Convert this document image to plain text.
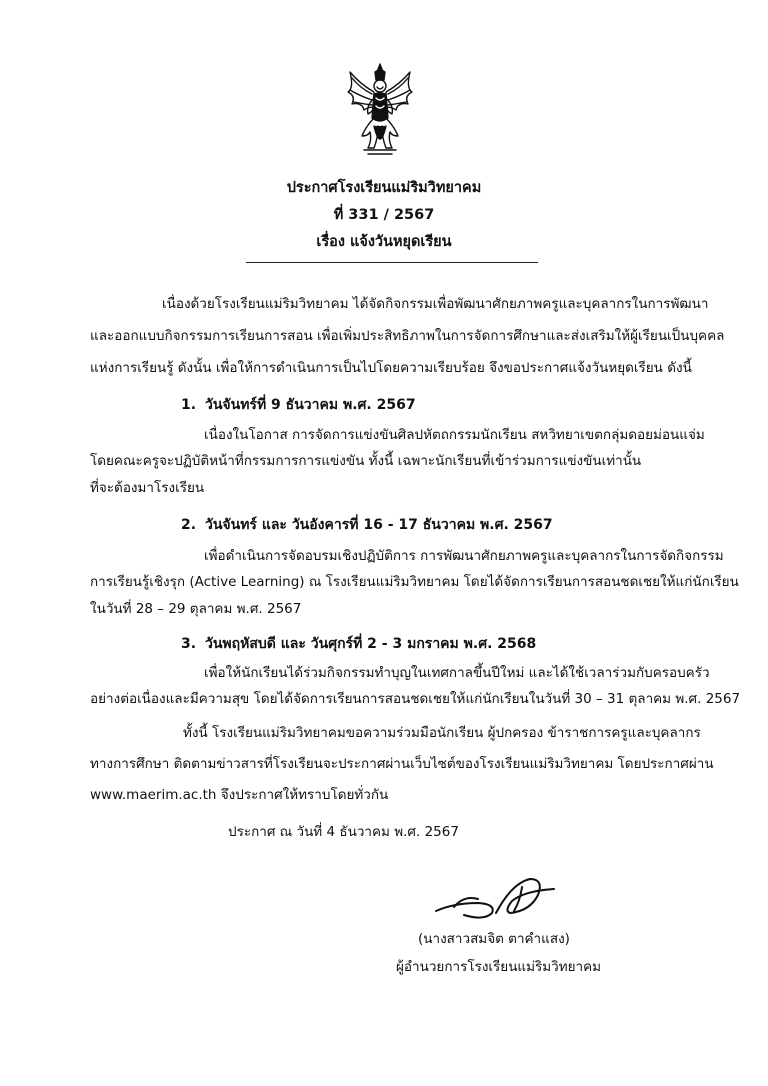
ประกาศโรงเรียนแม่ริมวิทยาคม
ที่ 331 / 2567
เรื่อง แจ้งวันหยุดเรียน
เนื่องด้วยโรงเรียนแม่ริมวิทยาคม ได้จัดกิจกรรมเพื่อพัฒนาศักยภาพครูและบุคลากรในการพัฒนา
และออกแบบกิจกรรมการเรียนการสอน เพื่อเพิ่มประสิทธิภาพในการจัดการศึกษาและส่งเสริมให้ผู้เรียนเป็นบุคคล
แห่งการเรียนรู้ ดังนั้น เพื่อให้การดำเนินการเป็นไปโดยความเรียบร้อย จึงขอประกาศแจ้งวันหยุดเรียน ดังนี้
1. วันจันทร์ที่ 9 ธันวาคม พ.ศ. 2567
เนื่องในโอกาส การจัดการแข่งขันศิลปหัตถกรรมนักเรียน สหวิทยาเขตกลุ่มดอยม่อนแจ่ม
โดยคณะครูจะปฏิบัติหน้าที่กรรมการการแข่งขัน ทั้งนี้ เฉพาะนักเรียนที่เข้าร่วมการแข่งขันเท่านั้น
ที่จะต้องมาโรงเรียน
2. วันจันทร์ และ วันอังคารที่ 16 - 17 ธันวาคม พ.ศ. 2567
เพื่อดำเนินการจัดอบรมเชิงปฏิบัติการ การพัฒนาศักยภาพครูและบุคลากรในการจัดกิจกรรม
การเรียนรู้เชิงรุก (Active Learning) ณ โรงเรียนแม่ริมวิทยาคม โดยได้จัดการเรียนการสอนชดเชยให้แก่นักเรียน
ในวันที่ 28 – 29 ตุลาคม พ.ศ. 2567
3. วันพฤหัสบดี และ วันศุกร์ที่ 2 - 3 มกราคม พ.ศ. 2568
เพื่อให้นักเรียนได้ร่วมกิจกรรมทำบุญในเทศกาลขึ้นปีใหม่ และได้ใช้เวลาร่วมกับครอบครัว
อย่างต่อเนื่องและมีความสุข โดยได้จัดการเรียนการสอนชดเชยให้แก่นักเรียนในวันที่ 30 – 31 ตุลาคม พ.ศ. 2567
ทั้งนี้ โรงเรียนแม่ริมวิทยาคมขอความร่วมมือนักเรียน ผู้ปกครอง ข้าราชการครูและบุคลากร
ทางการศึกษา ติดตามข่าวสารที่โรงเรียนจะประกาศผ่านเว็บไซต์ของโรงเรียนแม่ริมวิทยาคม โดยประกาศผ่าน
www.maerim.ac.th จึงประกาศให้ทราบโดยทั่วกัน
ประกาศ ณ วันที่ 4 ธันวาคม พ.ศ. 2567
(นางสาวสมจิต ตาคำแสง)
ผู้อำนวยการโรงเรียนแม่ริมวิทยาคม
